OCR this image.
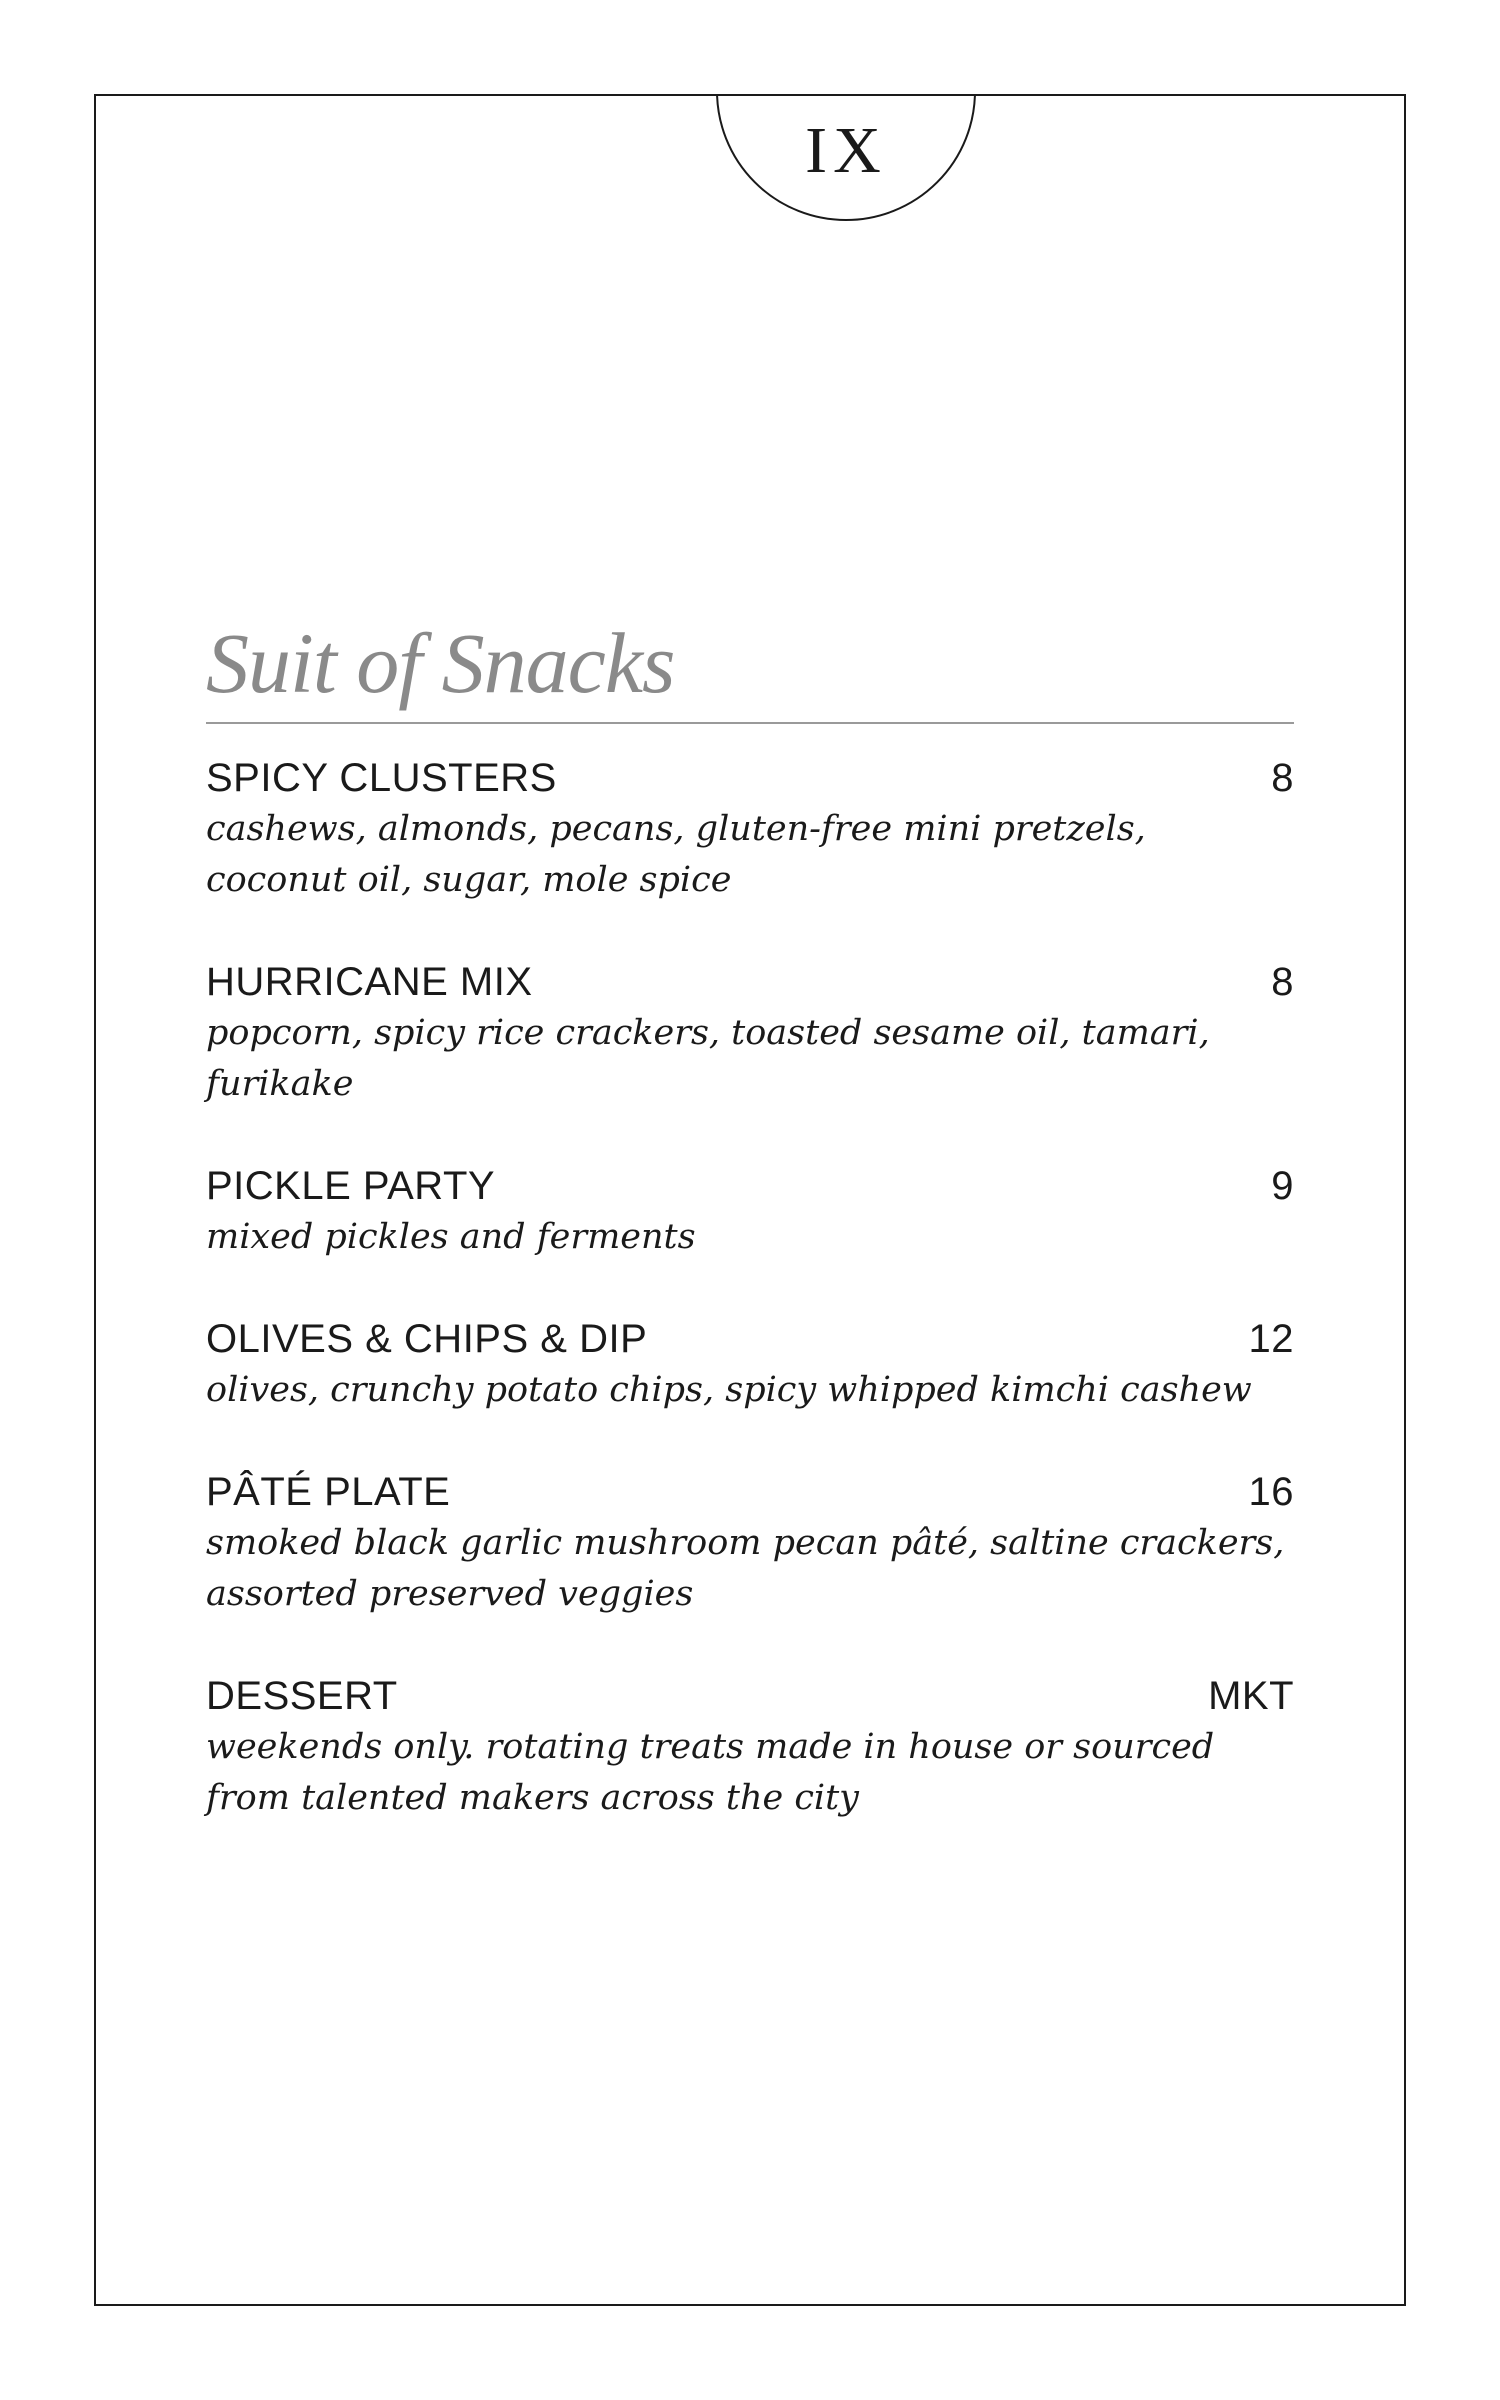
IX
Suit of Snacks
SPICY CLUSTERS	8
cashews, almonds, pecans, gluten-free mini pretzels, coconut oil, sugar, mole spice
HURRICANE MIX	8
popcorn, spicy rice crackers, toasted sesame oil, tamari, furikake
PICKLE PARTY	9
mixed pickles and ferments
OLIVES & CHIPS & DIP	12
olives, crunchy potato chips, spicy whipped kimchi cashew
PÂTÉ PLATE	16
smoked black garlic mushroom pecan pâté, saltine crackers, assorted preserved veggies
DESSERT	MKT
weekends only. rotating treats made in house or sourced from talented makers across the city
